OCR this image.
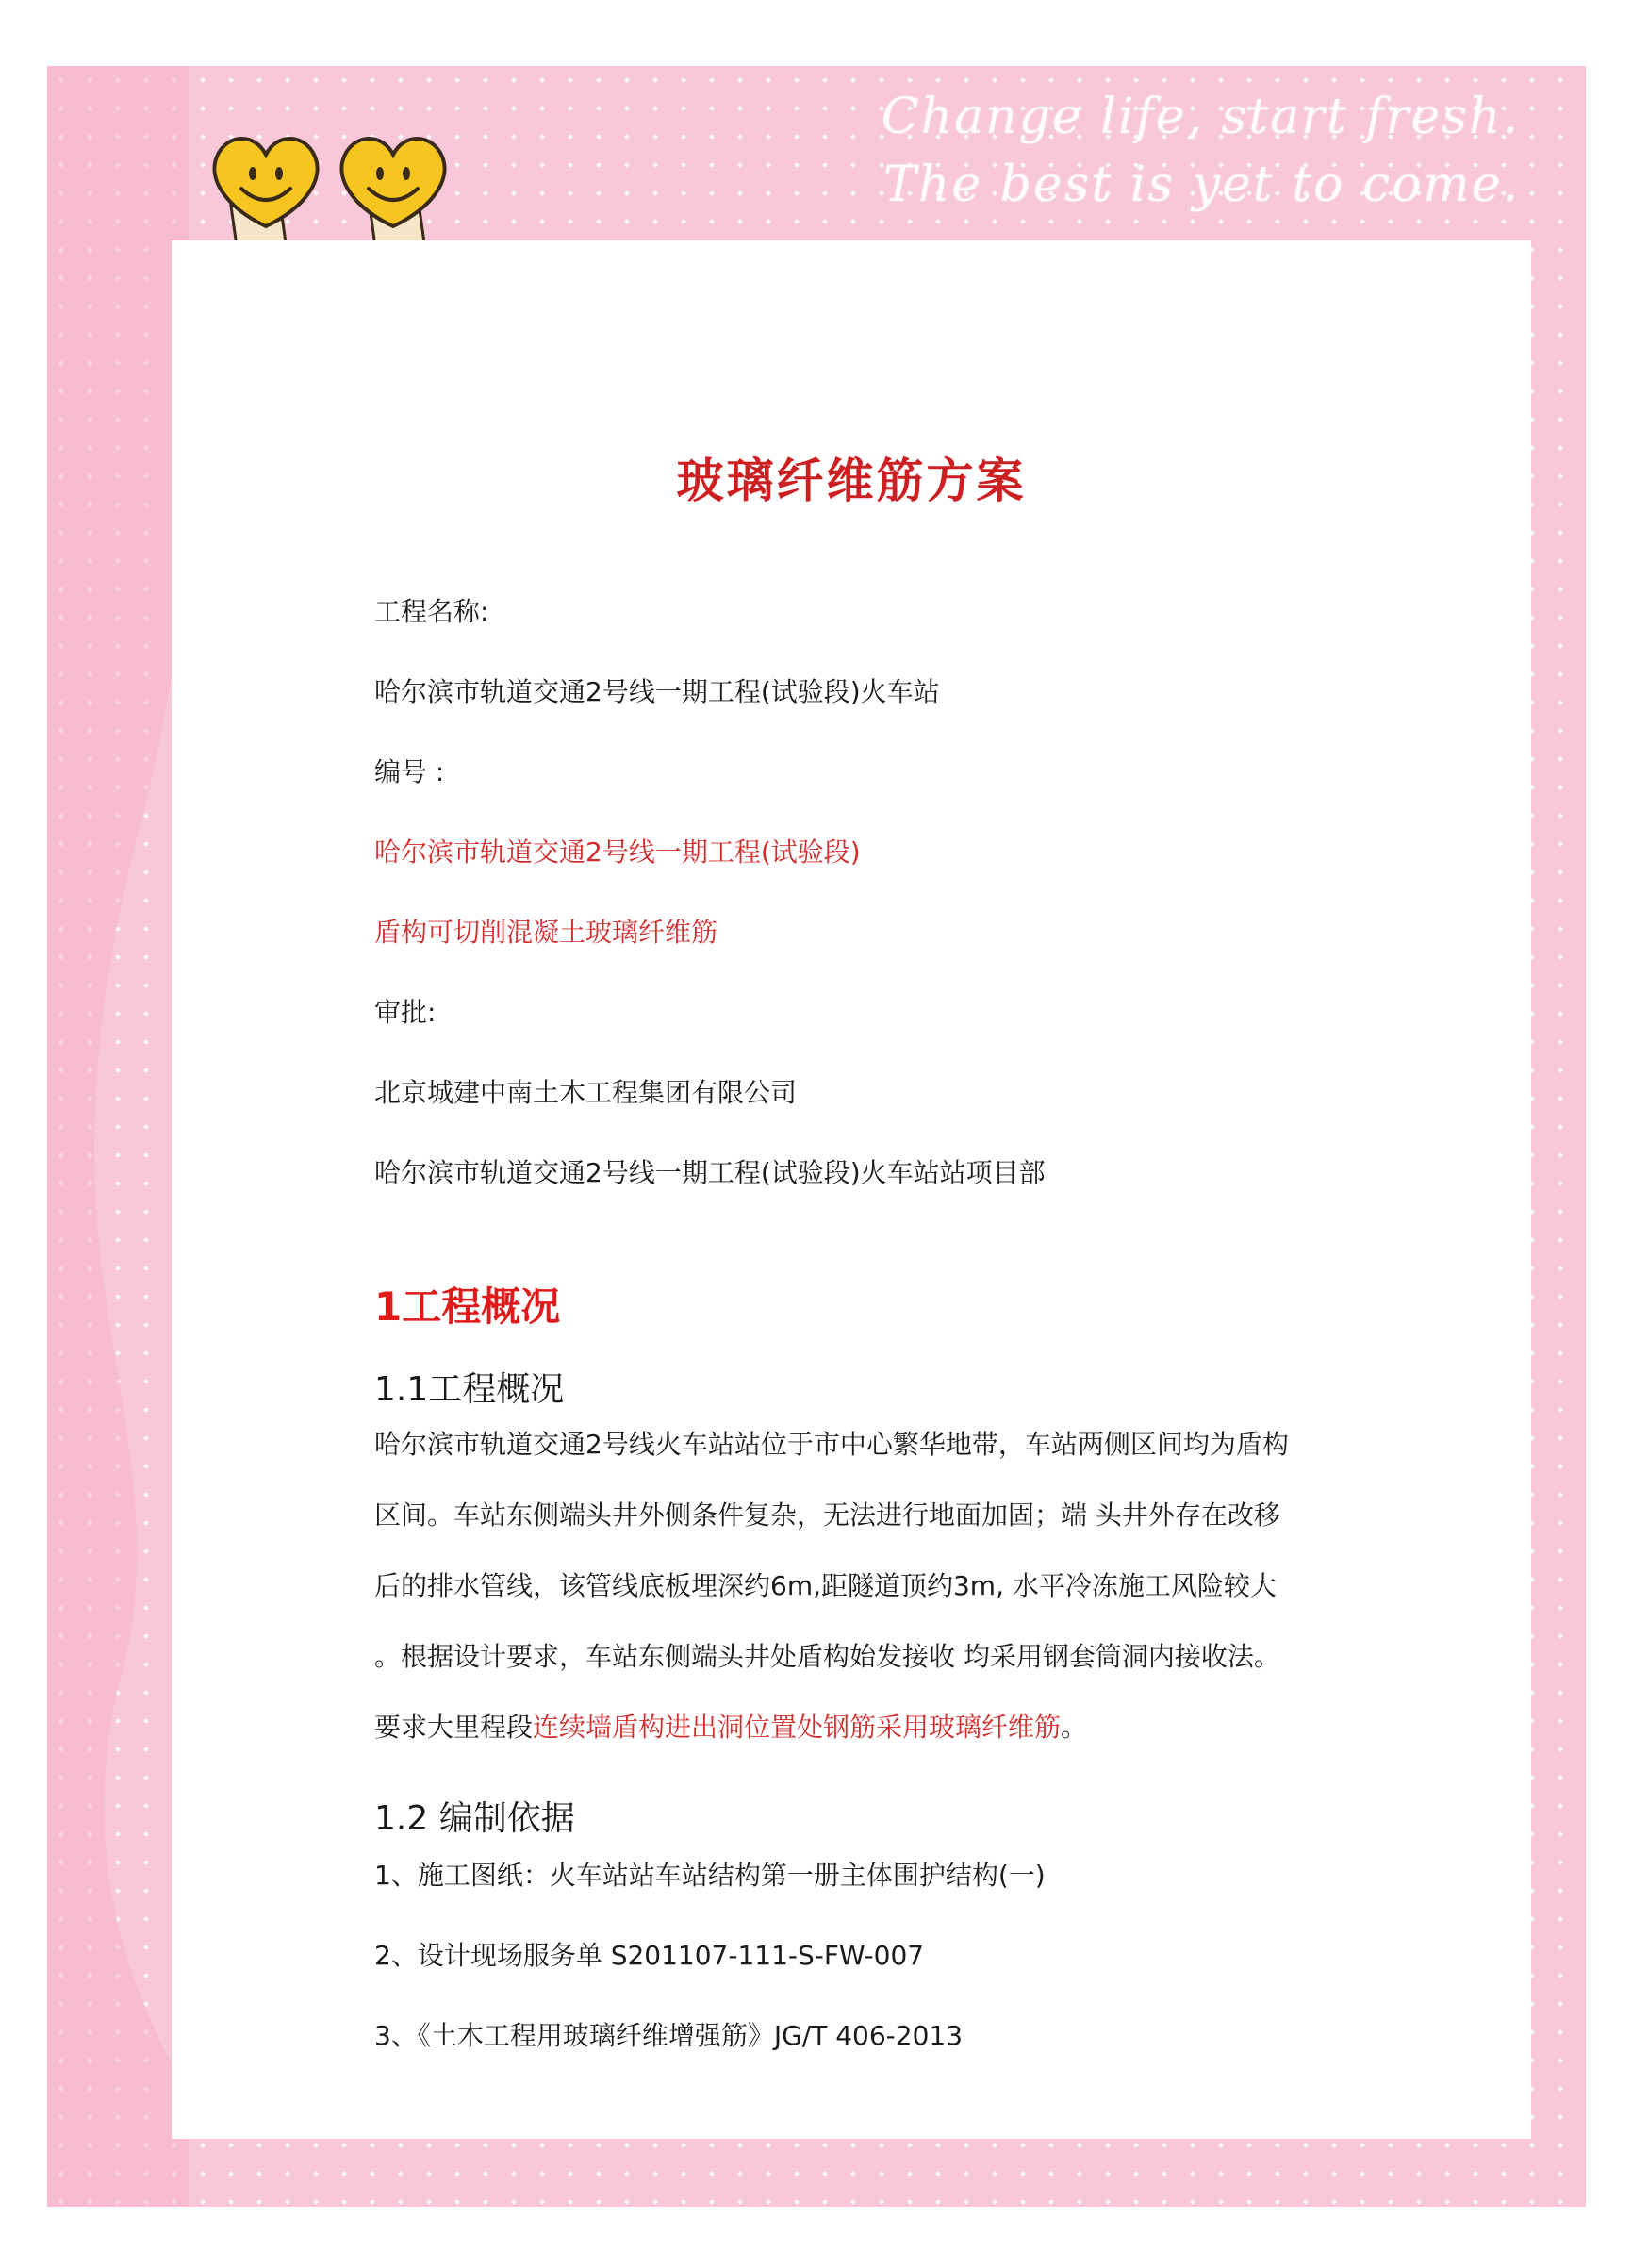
Change life, start fresh.
The best is yet to come.
玻璃纤维筋方案
工程名称:
哈尔滨市轨道交通2号线一期工程(试验段)火车站
编号 :
哈尔滨市轨道交通2号线一期工程(试验段)
盾构可切削混凝土玻璃纤维筋
审批:
北京城建中南土木工程集团有限公司
哈尔滨市轨道交通2号线一期工程(试验段)火车站站项目部
1工程概况
1.1工程概况
哈尔滨市轨道交通2号线火车站站位于市中心繁华地带，车站两侧区间均为盾构
区间。车站东侧端头井外侧条件复杂，无法进行地面加固；端 头井外存在改移
后的排水管线，该管线底板埋深约6m,距隧道顶约3m, 水平冷冻施工风险较大
。根据设计要求，车站东侧端头井处盾构始发接收 均采用钢套筒洞内接收法。
要求大里程段连续墙盾构进出洞位置处钢筋采用玻璃纤维筋。
1.2 编制依据
1、施工图纸：火车站站车站结构第一册主体围护结构(一)
2、设计现场服务单 S201107-111-S-FW-007
3、《土木工程用玻璃纤维增强筋》JG/T 406-2013
